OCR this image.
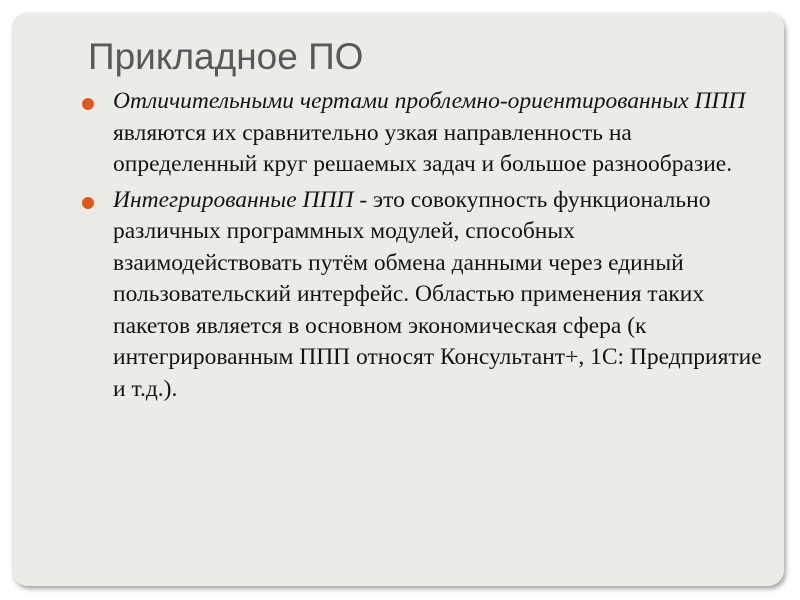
Прикладное ПО
Отличительными чертами проблемно-ориентированных ППП являются их сравнительно узкая направленность на определенный круг решаемых задач и большое разнообразие.
Интегрированные ППП - это совокупность функционально различных программных модулей, способных взаимодействовать путём обмена данными через единый пользовательский интерфейс. Областью применения таких пакетов является в основном экономическая сфера (к интегрированным ППП относят Консультант+, 1С: Предприятие и т.д.).
